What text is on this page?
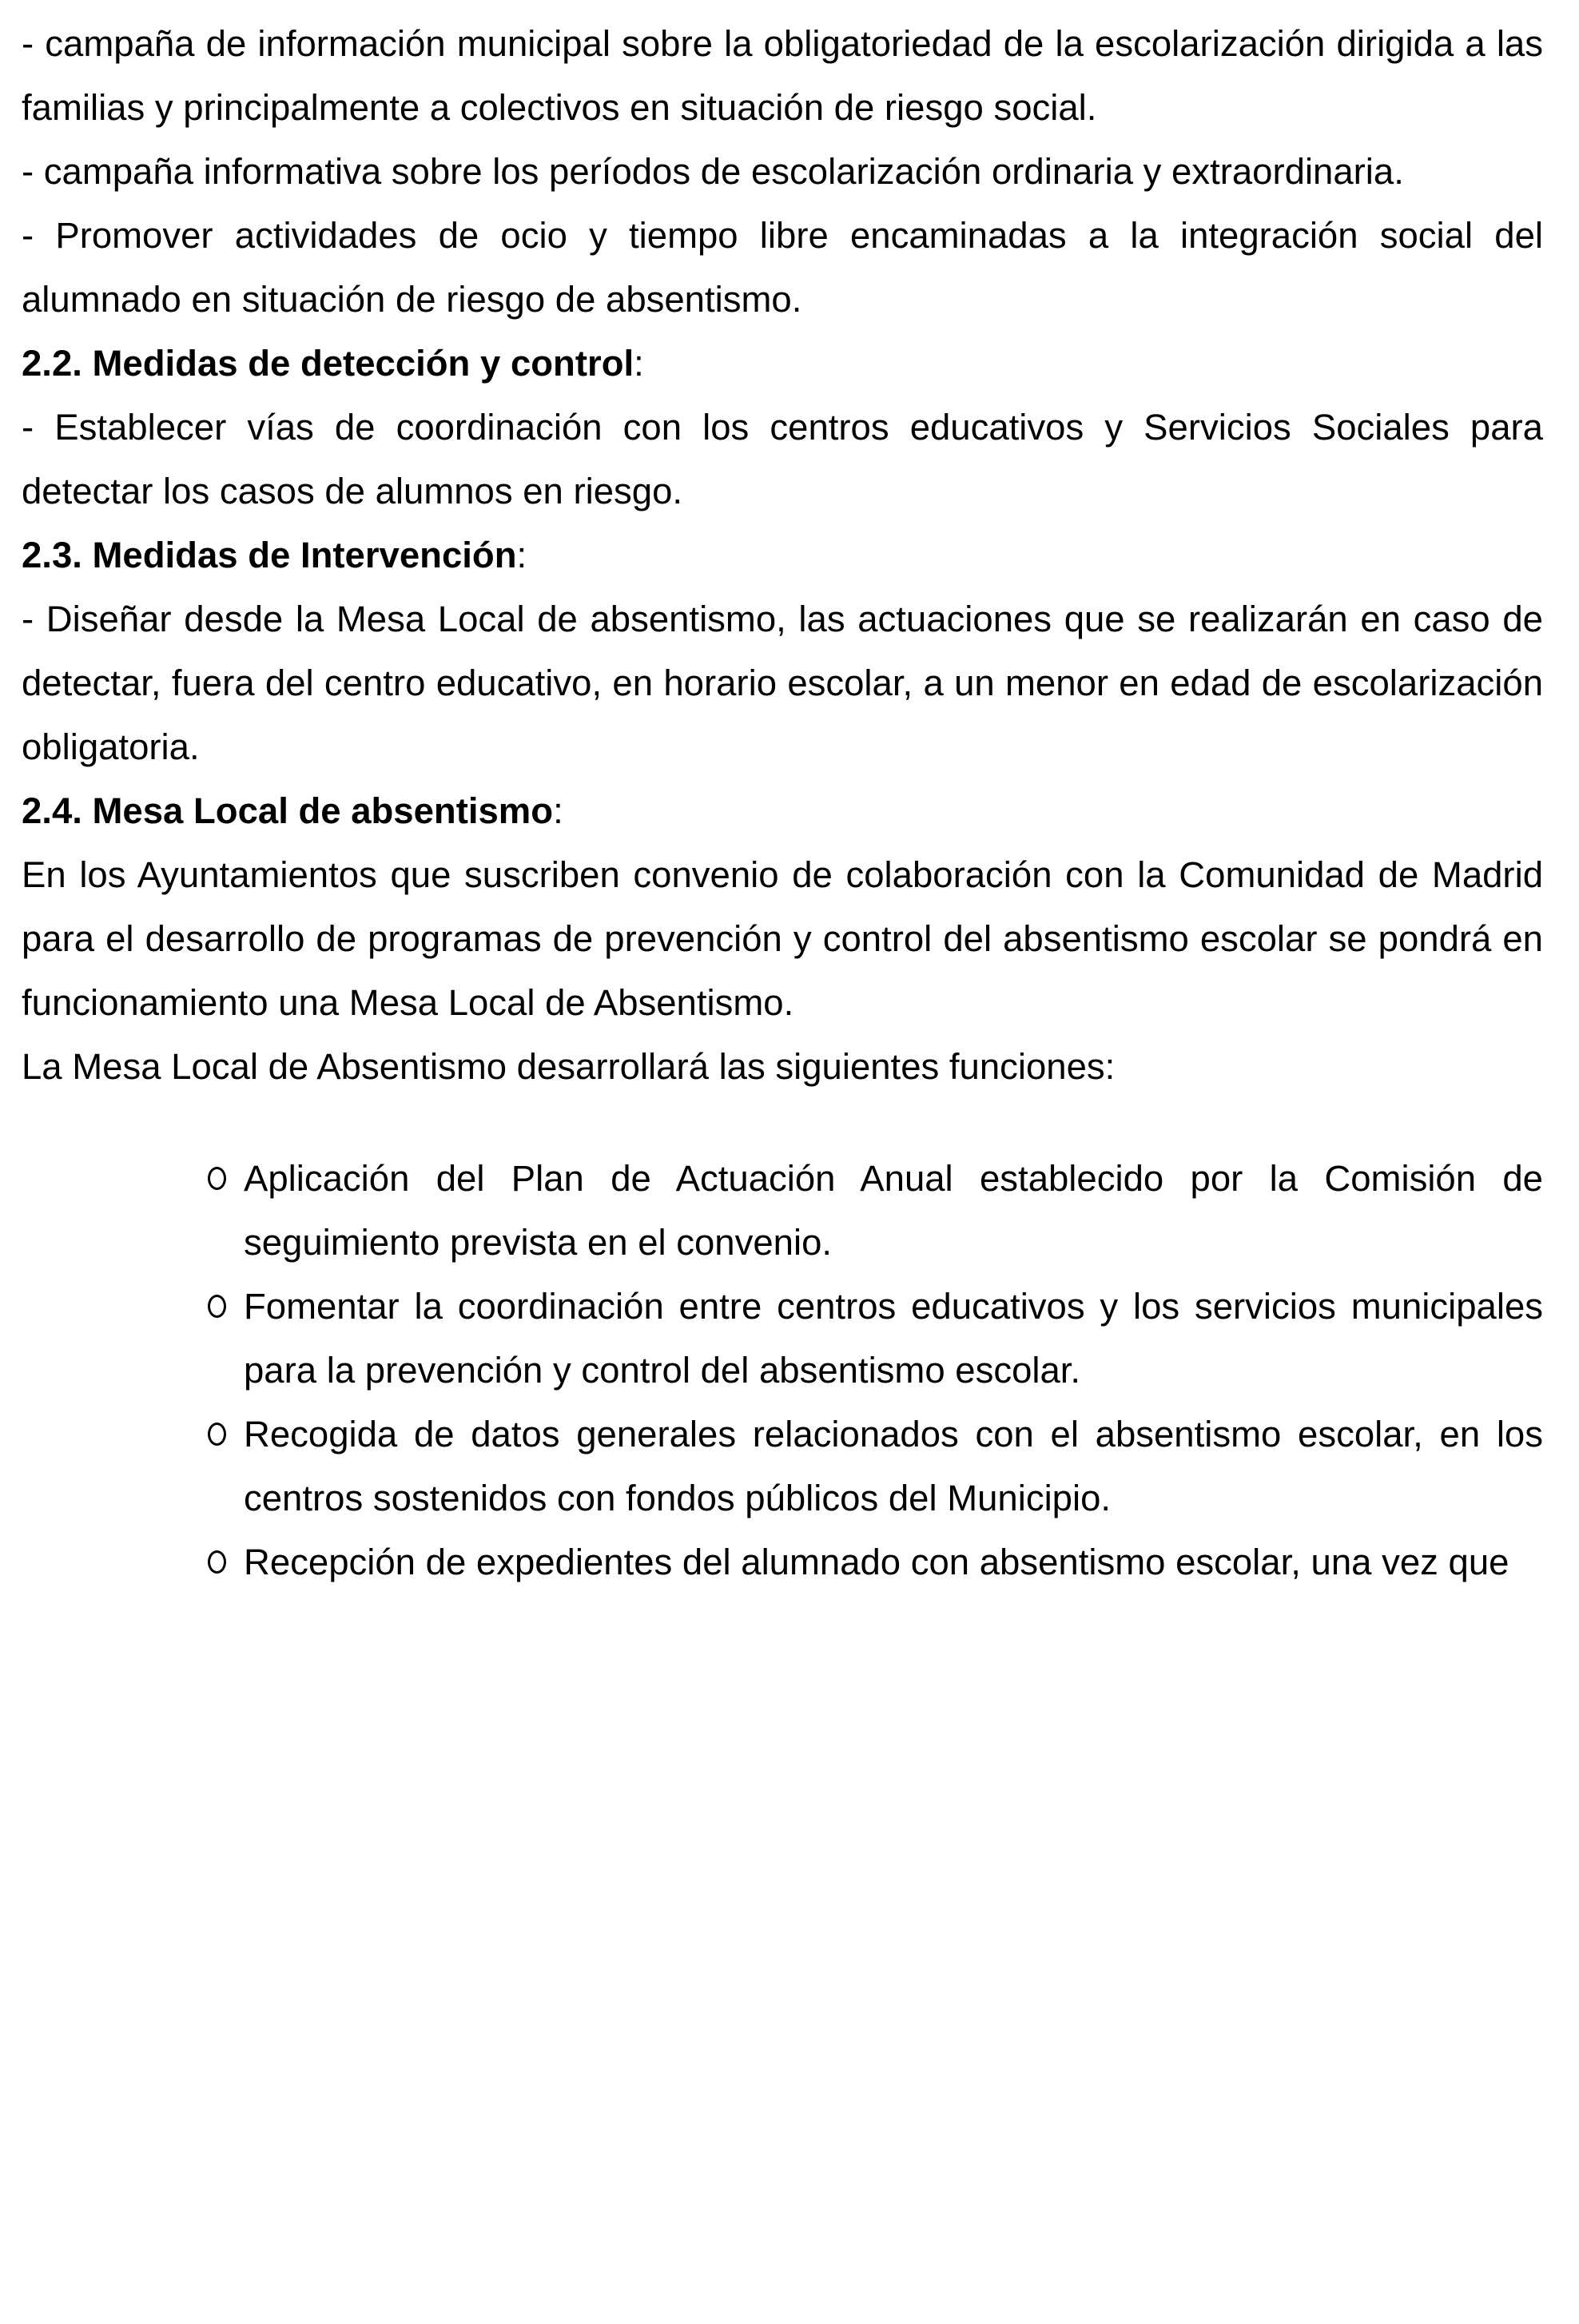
- campaña de información municipal sobre la obligatoriedad de la escolarización dirigida a las familias y principalmente a colectivos en situación de riesgo social.

- campaña informativa sobre los períodos de escolarización ordinaria y extraordinaria.

- Promover actividades de ocio y tiempo libre encaminadas a la integración social del alumnado en situación de riesgo de absentismo.

2.2. Medidas de detección y control:

- Establecer vías de coordinación con los centros educativos y Servicios Sociales para detectar los casos de alumnos en riesgo.

2.3. Medidas de Intervención:

- Diseñar desde la Mesa Local de absentismo, las actuaciones que se realizarán en caso de detectar, fuera del centro educativo, en horario escolar, a un menor en edad de escolarización obligatoria.

2.4. Mesa Local de absentismo:

En los Ayuntamientos que suscriben convenio de colaboración con la Comunidad de Madrid para el desarrollo de programas de prevención y control del absentismo escolar se pondrá en funcionamiento una Mesa Local de Absentismo.

La Mesa Local de Absentismo desarrollará las siguientes funciones:

Aplicación del Plan de Actuación Anual establecido por la Comisión de seguimiento prevista en el convenio.
Fomentar la coordinación entre centros educativos y los servicios municipales para la prevención y control del absentismo escolar.
Recogida de datos generales relacionados con el absentismo escolar, en los centros sostenidos con fondos públicos del Municipio.
Recepción de expedientes del alumnado con absentismo escolar, una vez que
